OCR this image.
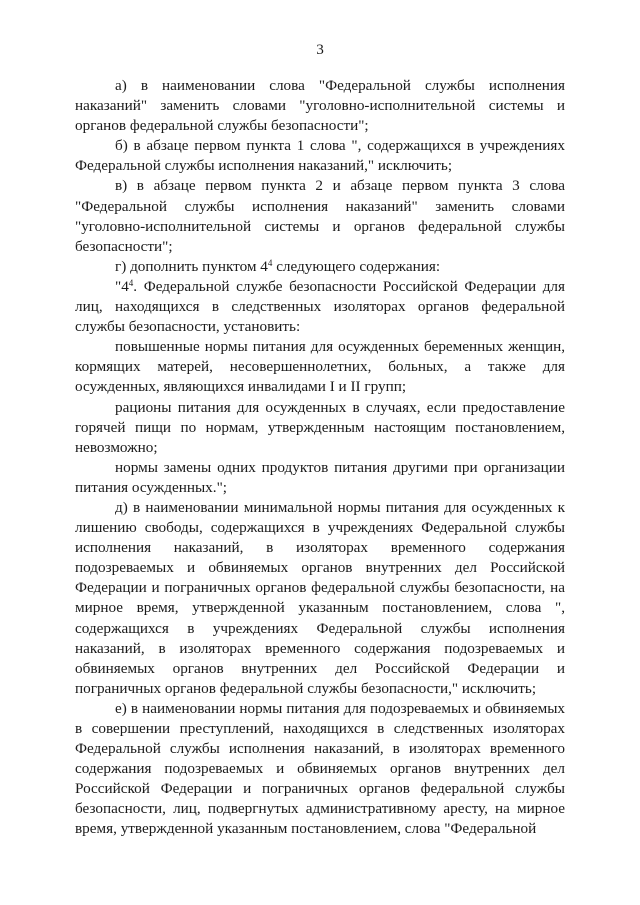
3

а) в наименовании слова "Федеральной службы исполнения наказаний" заменить словами "уголовно-исполнительной системы и органов федеральной службы безопасности";

б) в абзаце первом пункта 1 слова ", содержащихся в учреждениях Федеральной службы исполнения наказаний," исключить;

в) в абзаце первом пункта 2 и абзаце первом пункта 3 слова "Федеральной службы исполнения наказаний" заменить словами "уголовно-исполнительной системы и органов федеральной службы безопасности";

г) дополнить пунктом $4^4$ следующего содержания:

"$4^4$. Федеральной службе безопасности Российской Федерации для лиц, находящихся в следственных изоляторах органов федеральной службы безопасности, установить:

повышенные нормы питания для осужденных беременных женщин, кормящих матерей, несовершеннолетних, больных, а также для осужденных, являющихся инвалидами I и II групп;

рационы питания для осужденных в случаях, если предоставление горячей пищи по нормам, утвержденным настоящим постановлением, невозможно;

нормы замены одних продуктов питания другими при организации питания осужденных.";

д) в наименовании минимальной нормы питания для осужденных к лишению свободы, содержащихся в учреждениях Федеральной службы исполнения наказаний, в изоляторах временного содержания подозреваемых и обвиняемых органов внутренних дел Российской Федерации и пограничных органов федеральной службы безопасности, на мирное время, утвержденной указанным постановлением, слова ", содержащихся в учреждениях Федеральной службы исполнения наказаний, в изоляторах временного содержания подозреваемых и обвиняемых органов внутренних дел Российской Федерации и пограничных органов федеральной службы безопасности," исключить;

е) в наименовании нормы питания для подозреваемых и обвиняемых в совершении преступлений, находящихся в следственных изоляторах Федеральной службы исполнения наказаний, в изоляторах временного содержания подозреваемых и обвиняемых органов внутренних дел Российской Федерации и пограничных органов федеральной службы безопасности, лиц, подвергнутых административному аресту, на мирное время, утвержденной указанным постановлением, слова "Федеральной
